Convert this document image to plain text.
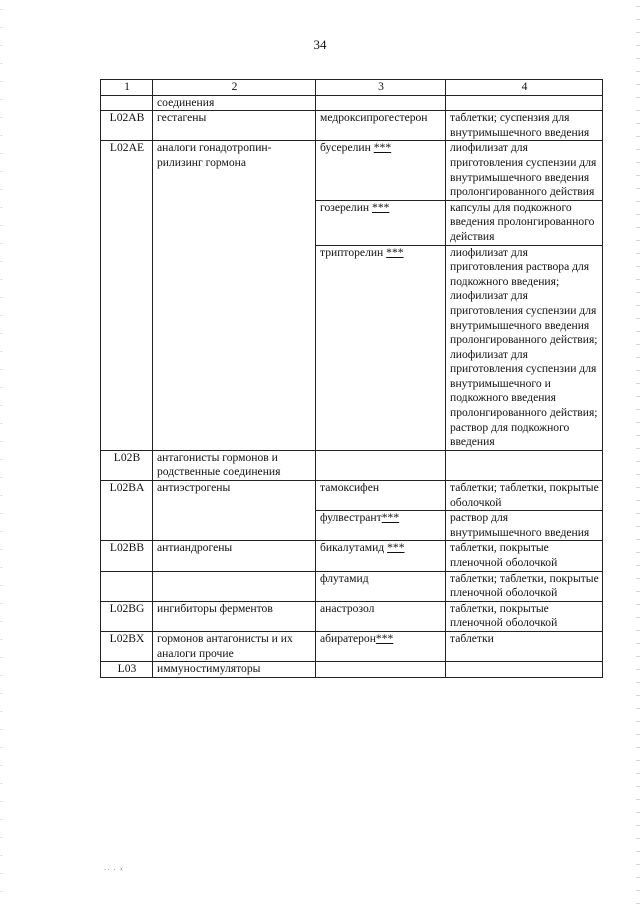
34
1	2	3	4
	соединения		
L02AB	гестагены	медроксипрогестерон	таблетки; суспензия для внутримышечного введения
L02AE	аналоги гонадотропин-рилизинг гормона	бусерелин ***	лиофилизат для приготовления суспензии для внутримышечного введения пролонгированного действия
		гозерелин ***	капсулы для подкожного введения пролонгированного действия
		трипторелин ***	лиофилизат для приготовления раствора для подкожного введения; лиофилизат для приготовления суспензии для внутримышечного введения пролонгированного действия; лиофилизат для приготовления суспензии для внутримышечного и подкожного введения пролонгированного действия; раствор для подкожного введения
L02B	антагонисты гормонов и родственные соединения		
L02BA	антиэстрогены	тамоксифен	таблетки; таблетки, покрытые оболочкой
		фулвестрант***	раствор для внутримышечного введения
L02BB	антиандрогены	бикалутамид ***	таблетки, покрытые пленочной оболочкой
		флутамид	таблетки; таблетки, покрытые пленочной оболочкой
L02BG	ингибиторы ферментов	анастрозол	таблетки, покрытые пленочной оболочкой
L02BX	гормонов антагонисты и их аналоги прочие	абиратерон***	таблетки
L03	иммуностимуляторы		
·· · ᵡ
